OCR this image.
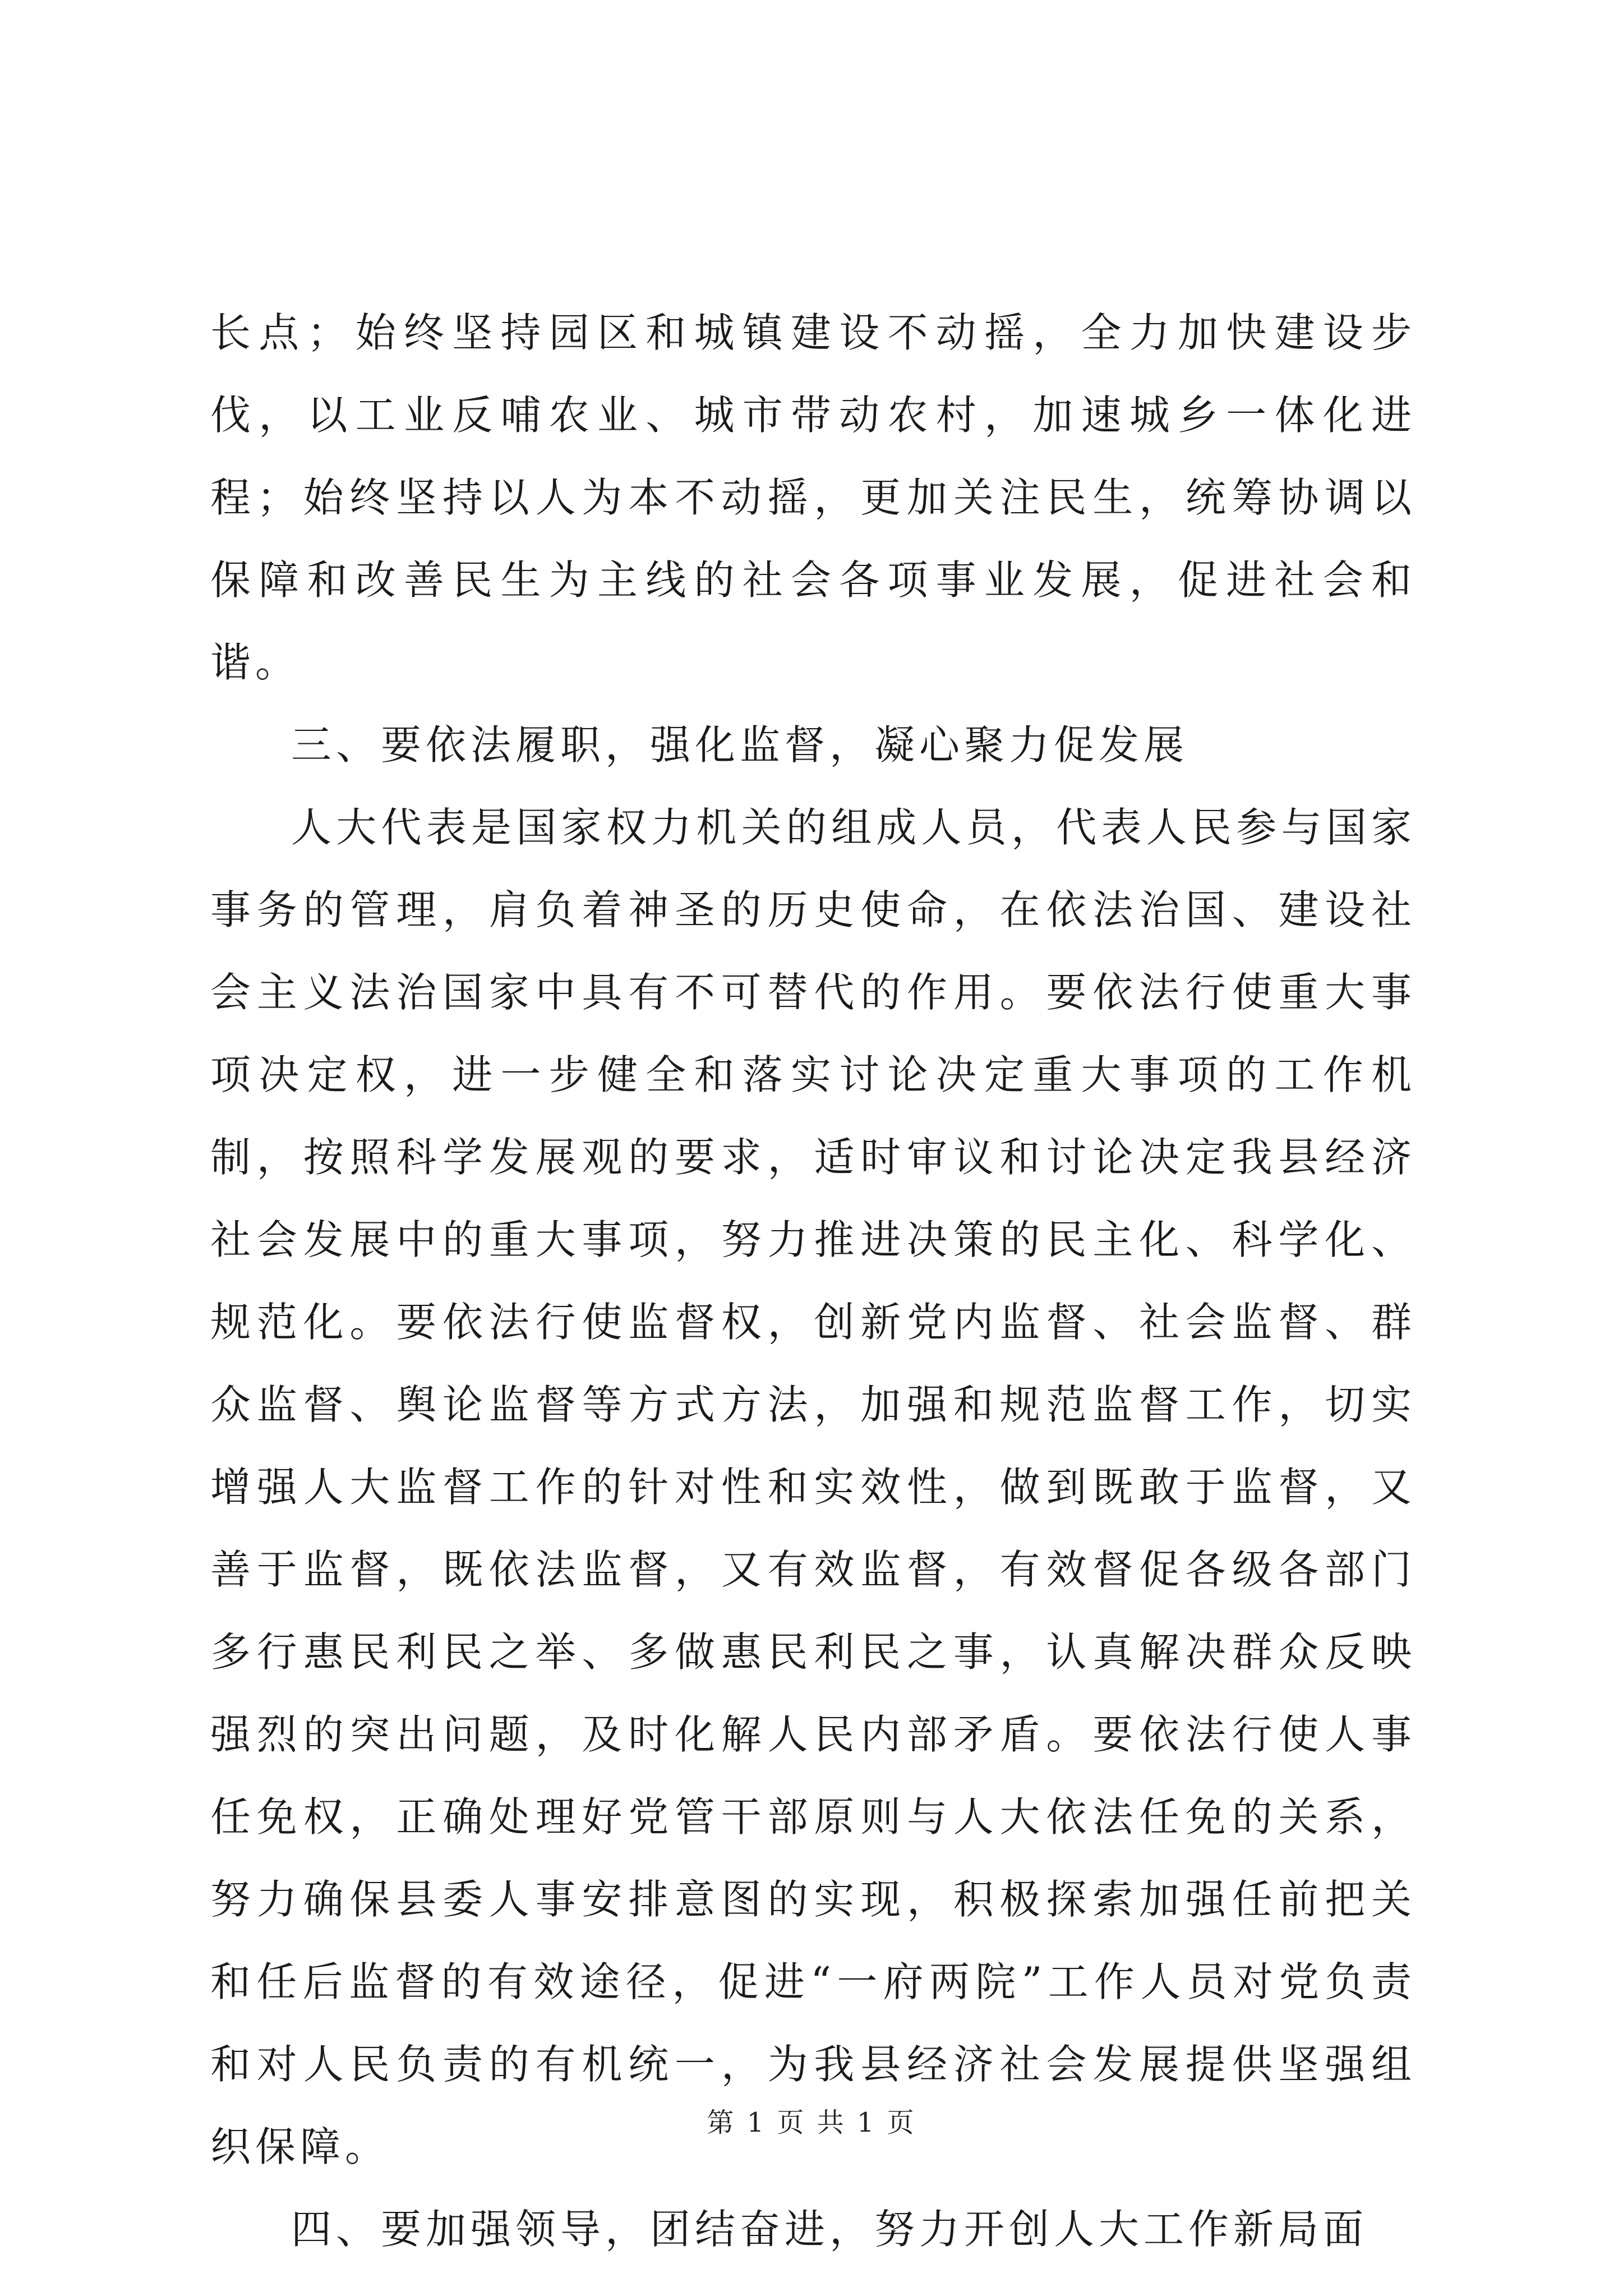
长点；始终坚持园区和城镇建设不动摇，全力加快建设步伐，以工业反哺农业、城市带动农村，加速城乡一体化进程；始终坚持以人为本不动摇，更加关注民生，统筹协调以保障和改善民生为主线的社会各项事业发展，促进社会和谐。

三、要依法履职，强化监督，凝心聚力促发展

人大代表是国家权力机关的组成人员，代表人民参与国家事务的管理，肩负着神圣的历史使命，在依法治国、建设社会主义法治国家中具有不可替代的作用。要依法行使重大事项决定权，进一步健全和落实讨论决定重大事项的工作机制，按照科学发展观的要求，适时审议和讨论决定我县经济社会发展中的重大事项，努力推进决策的民主化、科学化、规范化。要依法行使监督权，创新党内监督、社会监督、群众监督、舆论监督等方式方法，加强和规范监督工作，切实增强人大监督工作的针对性和实效性，做到既敢于监督，又善于监督，既依法监督，又有效监督，有效督促各级各部门多行惠民利民之举、多做惠民利民之事，认真解决群众反映强烈的突出问题，及时化解人民内部矛盾。要依法行使人事任免权，正确处理好党管干部原则与人大依法任免的关系，努力确保县委人事安排意图的实现，积极探索加强任前把关和任后监督的有效途径，促进“一府两院”工作人员对党负责和对人民负责的有机统一，为我县经济社会发展提供坚强组织保障。

四、要加强领导，团结奋进，努力开创人大工作新局面

第 1 页 共 1 页
